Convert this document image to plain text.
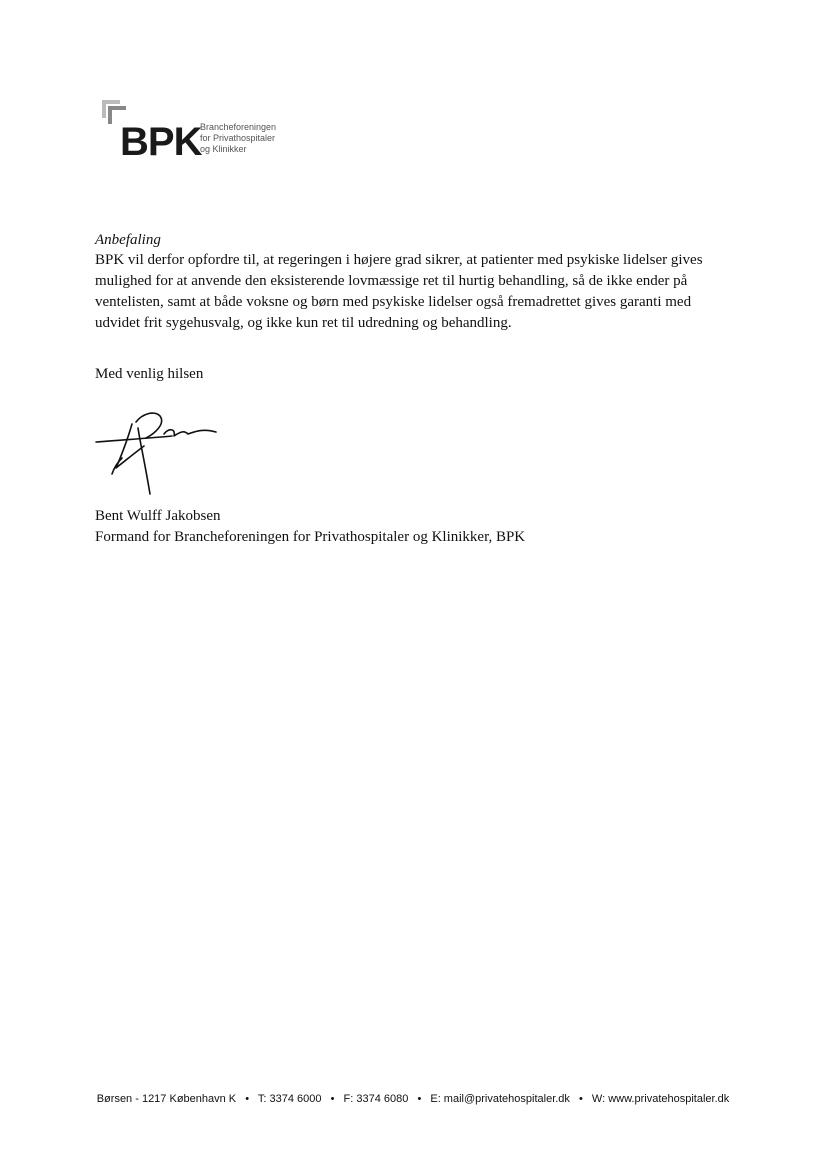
BPK
Brancheforeningen
for Privathospitaler
og Klinikker

Anbefaling

BPK vil derfor opfordre til, at regeringen i højere grad sikrer, at patienter med psykiske lidelser gives mulighed for at anvende den eksisterende lovmæssige ret til hurtig behandling, så de ikke ender på ventelisten, samt at både voksne og børn med psykiske lidelser også fremadrettet gives garanti med udvidet frit sygehusvalg, og ikke kun ret til udredning og behandling.

Med venlig hilsen

Bent Wulff Jakobsen
Formand for Brancheforeningen for Privathospitaler og Klinikker, BPK
Børsen - 1217 København K • T: 3374 6000 • F: 3374 6080 • E: mail@privatehospitaler.dk • W: www.privatehospitaler.dk
